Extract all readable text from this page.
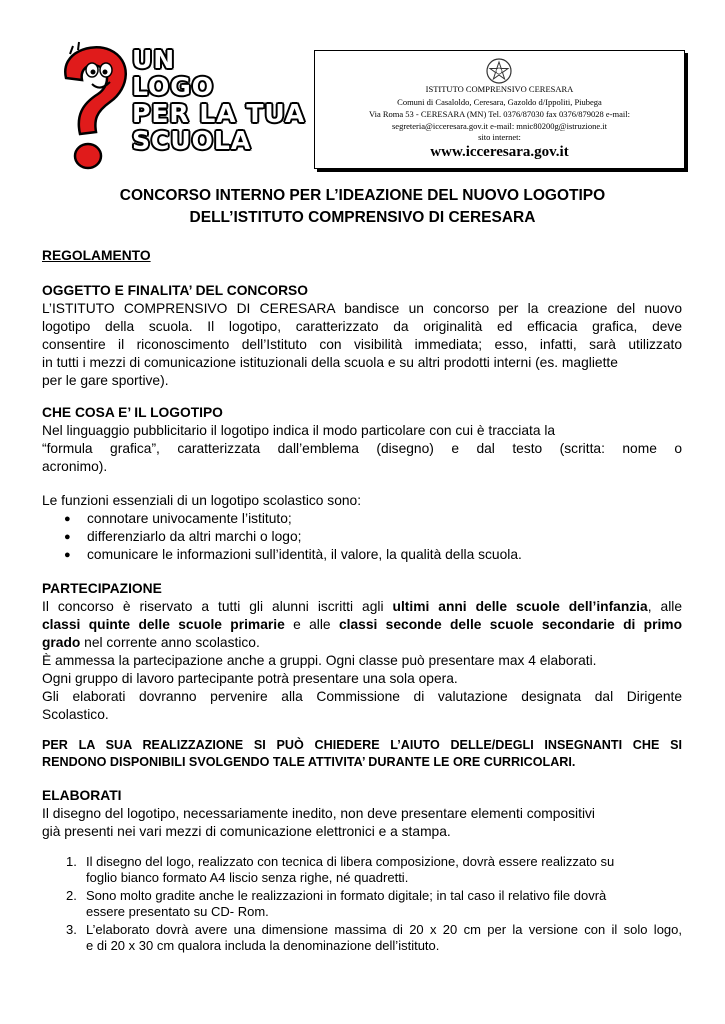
UN
LOGO
PER LA TUA
SCUOLA
ISTITUTO COMPRENSIVO CERESARA
Comuni di Casaloldo, Ceresara, Gazoldo d/Ippoliti, Piubega
Via Roma 53 - CERESARA (MN) Tel. 0376/87030 fax 0376/879028 e-mail:
segreteria@icceresara.gov.it e-mail: mnic80200g@istruzione.it
sito internet:
www.icceresara.gov.it
CONCORSO INTERNO PER L’IDEAZIONE DEL NUOVO LOGOTIPO
DELL’ISTITUTO COMPRENSIVO DI CERESARA
REGOLAMENTO
OGGETTO E FINALITA’ DEL CONCORSO
L’ISTITUTO COMPRENSIVO DI CERESARA bandisce un concorso per la creazione del nuovo
logotipo della scuola. Il logotipo, caratterizzato da originalità ed efficacia grafica, deve
consentire il riconoscimento dell’Istituto con visibilità immediata; esso, infatti, sarà utilizzato
in tutti i mezzi di comunicazione istituzionali della scuola e su altri prodotti interni (es. magliette
per le gare sportive).
CHE COSA E’ IL LOGOTIPO
Nel linguaggio pubblicitario il logotipo indica il modo particolare con cui è tracciata la
“formula grafica”, caratterizzata dall’emblema (disegno) e dal testo (scritta: nome o
acronimo).
Le funzioni essenziali di un logotipo scolastico sono:
● connotare univocamente l’istituto;
● differenziarlo da altri marchi o logo;
● comunicare le informazioni sull’identità, il valore, la qualità della scuola.
PARTECIPAZIONE
Il concorso è riservato a tutti gli alunni iscritti agli ultimi anni delle scuole dell’infanzia, alle
classi quinte delle scuole primarie e alle classi seconde delle scuole secondarie di primo
grado nel corrente anno scolastico.
È ammessa la partecipazione anche a gruppi. Ogni classe può presentare max 4 elaborati.
Ogni gruppo di lavoro partecipante potrà presentare una sola opera.
Gli elaborati dovranno pervenire alla Commissione di valutazione designata dal Dirigente
Scolastico.
PER LA SUA REALIZZAZIONE SI PUÒ CHIEDERE L’AIUTO DELLE/DEGLI INSEGNANTI CHE SI
RENDONO DISPONIBILI SVOLGENDO TALE ATTIVITA’ DURANTE LE ORE CURRICOLARI.
ELABORATI
Il disegno del logotipo, necessariamente inedito, non deve presentare elementi compositivi
già presenti nei vari mezzi di comunicazione elettronici e a stampa.
1. Il disegno del logo, realizzato con tecnica di libera composizione, dovrà essere realizzato su
foglio bianco formato A4 liscio senza righe, né quadretti.
2. Sono molto gradite anche le realizzazioni in formato digitale; in tal caso il relativo file dovrà
essere presentato su CD- Rom.
3. L’elaborato dovrà avere una dimensione massima di 20 x 20 cm per la versione con il solo logo,
e di 20 x 30 cm qualora includa la denominazione dell’istituto.
